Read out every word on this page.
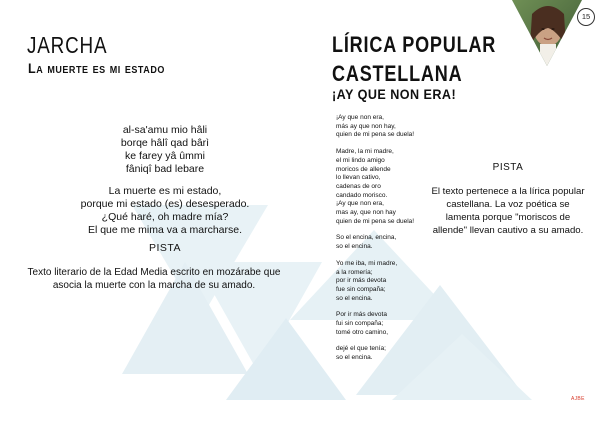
JARCHA
La muerte es mi estado
al-sa'amu mio hâli
borqe hâlî qad bârì
ke farey yâ ûmmi
fâniqî bad lebare
La muerte es mi estado,
porque mi estado (es) desesperado.
¿Qué haré, oh madre mía?
El que me mima va a marcharse.
PISTA

Texto literario de la Edad Media escrito en mozárabe que asocia la muerte con la marcha de su amado.

LÍRICA POPULAR
CASTELLANA
¡AY QUE NON ERA!
¡Ay que non era,
más ay que non hay,
quien de mi pena se duela!
Madre, la mi madre,
el mi lindo amigo
moricos de allende
lo llevan cativo,
cadenas de oro
candado morisco.
¡Ay que non era,
mas ay, que non hay
quien de mi pena se duela!
So el encina, encina,
so el encina.
Yo me iba, mi madre,
a la romería;
por ir más devota
fue sin compaña;
so el encina.
Por ir más devota
fui sin compaña;
tomé otro camino,
dejé el que tenía;
so el encina.
PISTA

El texto pertenece a la lírica popular castellana. La voz poética se lamenta porque "moriscos de allende" llevan cautivo a su amado.

15
AJBE
